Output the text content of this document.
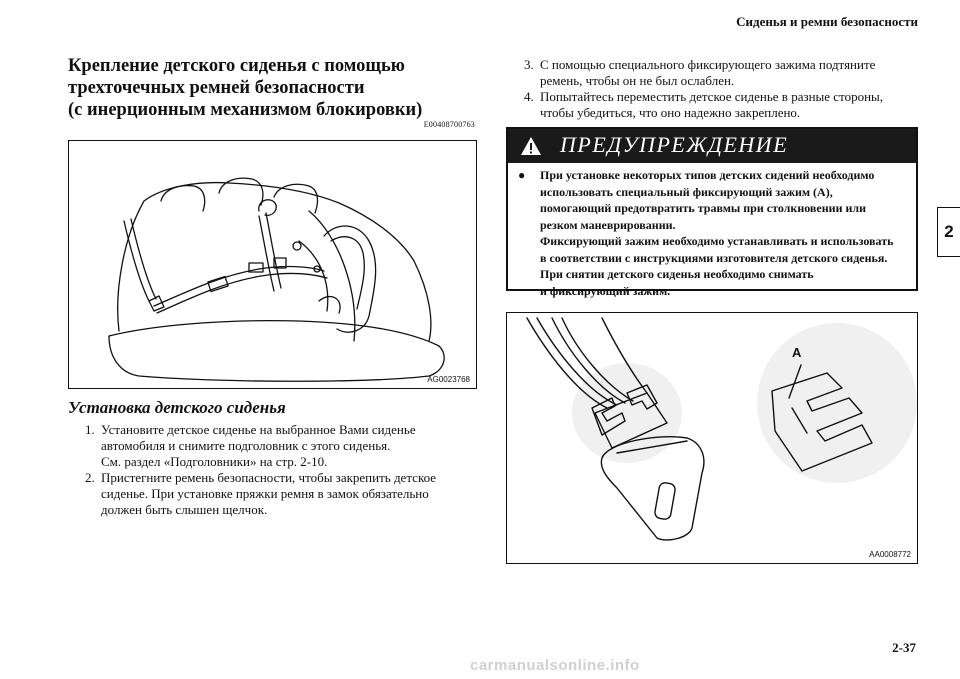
Сиденья и ремни безопасности
2
Крепление детского сиденья с помощью
трехточечных ремней безопасности
(с инерционным механизмом блокировки)
E00408700763
AG0023768
Установка детского сиденья
1. Установите детское сиденье на выбранное Вами сиденье
автомобиля и снимите подголовник с этого сиденья.
См. раздел «Подголовники» на стр. 2-10.
2. Пристегните ремень безопасности, чтобы закрепить детское
сиденье. При установке пряжки ремня в замок обязательно
должен быть слышен щелчок.
3. С помощью специального фиксирующего зажима подтяните
ремень, чтобы он не был ослаблен.
4. Попытайтесь переместить детское сиденье в разные стороны,
чтобы убедиться, что оно надежно закреплено.
ПРЕДУПРЕЖДЕНИЕ
● При установке некоторых типов детских сидений необходимо
использовать специальный фиксирующий зажим (A),
помогающий предотвратить травмы при столкновении или
резком маневрировании.
Фиксирующий зажим необходимо устанавливать и использовать
в соответствии с инструкциями изготовителя детского сиденья.
При снятии детского сиденья необходимо снимать
и фиксирующий зажим.
A
AA0008772
2-37
carmanualsonline.info
